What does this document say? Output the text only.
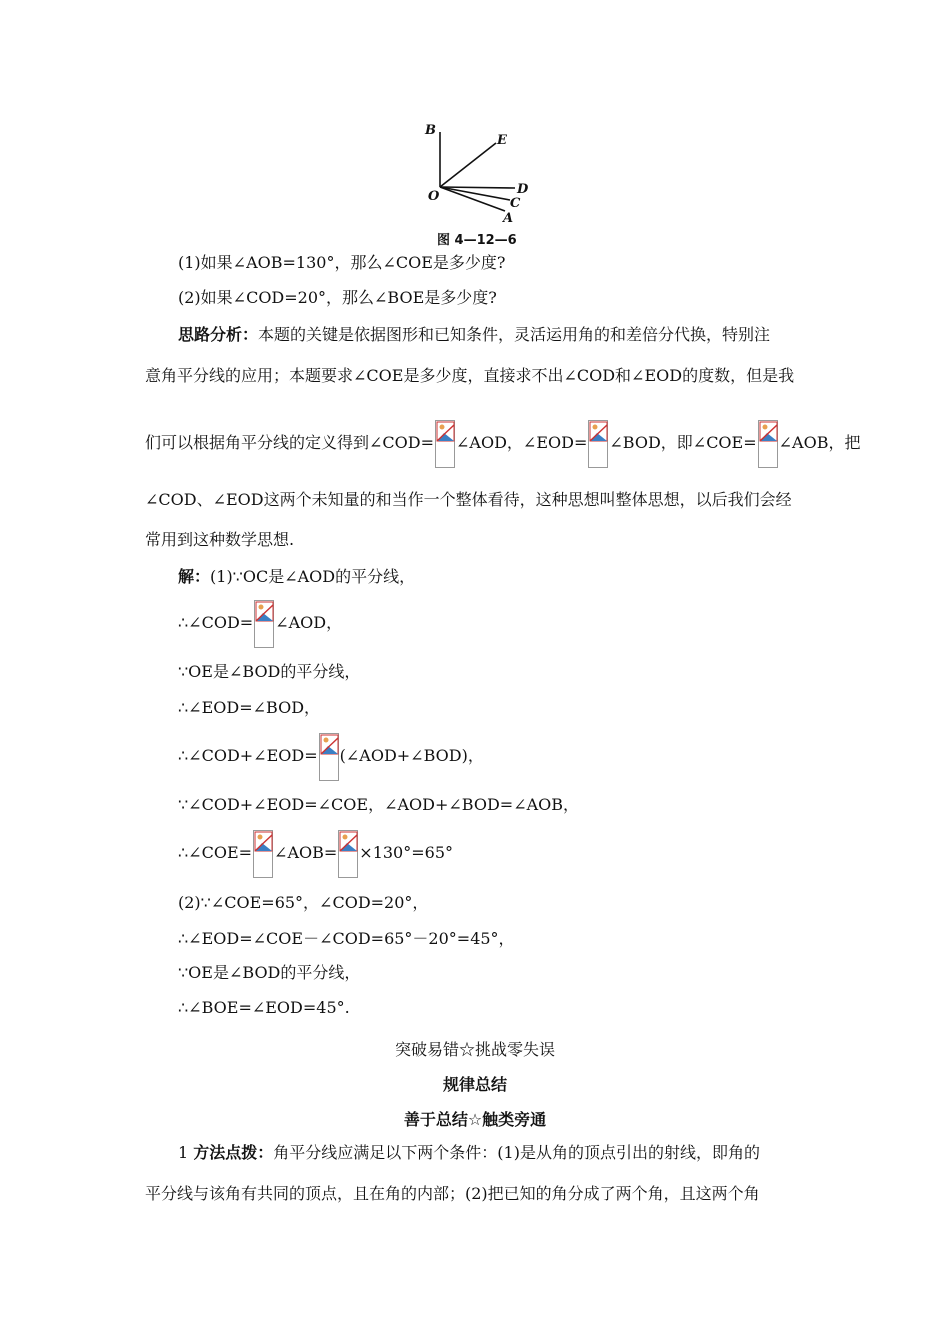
B
E
O	D
C
A
图 4—12—6
(1)如果∠AOB=130°，那么∠COE是多少度?
(2)如果∠COD=20°，那么∠BOE是多少度?
思路分析：本题的关键是依据图形和已知条件，灵活运用角的和差倍分代换，特别注
意角平分线的应用；本题要求∠COE是多少度，直接求不出∠COD和∠EOD的度数，但是我
们可以根据角平分线的定义得到∠COD= ∠AOD，∠EOD= ∠BOD，即∠COE= ∠AOB，把
∠COD、∠EOD这两个未知量的和当作一个整体看待，这种思想叫整体思想，以后我们会经
常用到这种数学思想.
解：(1)∵OC是∠AOD的平分线，
∴∠COD= ∠AOD，
∵OE是∠BOD的平分线，
∴∠EOD=∠BOD，
∴∠COD+∠EOD= (∠AOD+∠BOD)，
∵∠COD+∠EOD=∠COE，∠AOD+∠BOD=∠AOB，
∴∠COE= ∠AOB= ×130°=65°
(2)∵∠COE=65°，∠COD=20°，
∴∠EOD=∠COE－∠COD=65°－20°=45°，
∵OE是∠BOD的平分线，
∴∠BOE=∠EOD=45°.
突破易错☆挑战零失误
规律总结
善于总结☆触类旁通
1 方法点拨：角平分线应满足以下两个条件：(1)是从角的顶点引出的射线，即角的
平分线与该角有共同的顶点，且在角的内部；(2)把已知的角分成了两个角，且这两个角
